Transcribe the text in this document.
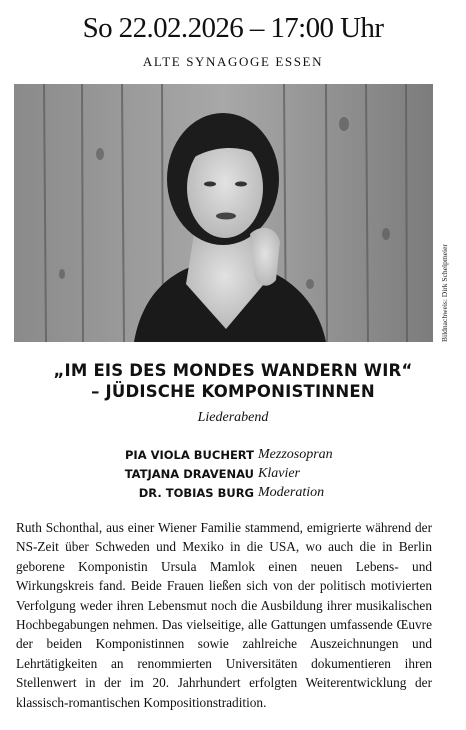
So 22.02.2026 – 17:00 Uhr
ALTE SYNAGOGE ESSEN
Bildnachweis: Dirk Schelpmeier
„IM EIS DES MONDES WANDERN WIR“
– JÜDISCHE KOMPONISTINNEN
Liederabend
PIA VIOLA BUCHERT Mezzosopran
TATJANA DRAVENAU Klavier
DR. TOBIAS BURG Moderation

Ruth Schonthal, aus einer Wiener Familie stammend, emigrierte während der NS-Zeit über Schweden und Mexiko in die USA, wo auch die in Berlin geborene Komponistin Ursula Mamlok einen neuen Lebens- und Wirkungskreis fand. Beide Frauen ließen sich von der politisch motivierten Verfolgung weder ihren Lebensmut noch die Ausbildung ihrer musikalischen Hochbegabungen nehmen. Das vielseitige, alle Gattungen umfassende Œuvre der beiden Komponistinnen sowie zahlreiche Auszeichnungen und Lehrtätigkeiten an renommierten Universitäten dokumentieren ihren Stellenwert in der im 20. Jahrhundert erfolgten Weiterentwicklung der klassisch-romantischen Kompositionstradition.
